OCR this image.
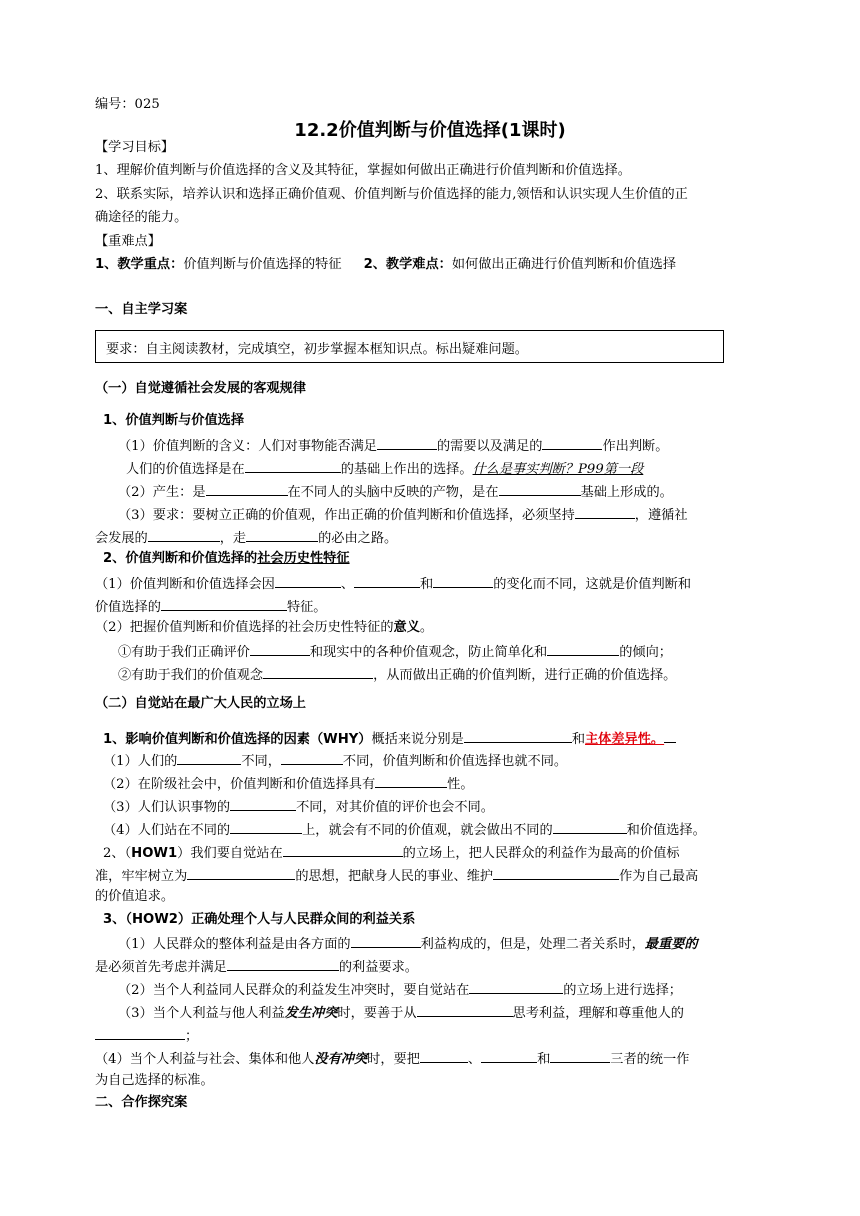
编号：025
12.2价值判断与价值选择(1课时)
【学习目标】
1、理解价值判断与价值选择的含义及其特征，掌握如何做出正确进行价值判断和价值选择。
2、联系实际，培养认识和选择正确价值观、价值判断与价值选择的能力,领悟和认识实现人生价值的正
确途径的能力。
【重难点】
1、教学重点：价值判断与价值选择的特征 2、教学难点：如何做出正确进行价值判断和价值选择
一、自主学习案
要求：自主阅读教材，完成填空，初步掌握本框知识点。标出疑难问题。
（一）自觉遵循社会发展的客观规律
1、价值判断与价值选择
（1）价值判断的含义：人们对事物能否满足	的需要以及满足的	作出判断。
人们的价值选择是在	的基础上作出的选择。什么是事实判断？P99第一段
（2）产生：是	在不同人的头脑中反映的产物，是在	基础上形成的。
（3）要求：要树立正确的价值观，作出正确的价值判断和价值选择，必须坚持	，遵循社
会发展的	，走	的必由之路。
2、价值判断和价值选择的社会历史性特征
（1）价值判断和价值选择会因	、	和	的变化而不同，这就是价值判断和
价值选择的	特征。
（2）把握价值判断和价值选择的社会历史性特征的意义。
①有助于我们正确评价	和现实中的各种价值观念，防止简单化和	的倾向；
②有助于我们的价值观念	，从而做出正确的价值判断，进行正确的价值选择。
（二）自觉站在最广大人民的立场上
1、影响价值判断和价值选择的因素（WHY）概括来说分别是	和主体差异性。
（1）人们的	不同，	不同，价值判断和价值选择也就不同。
（2）在阶级社会中，价值判断和价值选择具有	性。
（3）人们认识事物的	不同，对其价值的评价也会不同。
（4）人们站在不同的	上，就会有不同的价值观，就会做出不同的	和价值选择。
2、（HOW1）我们要自觉站在	的立场上，把人民群众的利益作为最高的价值标
准，牢牢树立为	的思想，把献身人民的事业、维护	作为自己最高
的价值追求。
3、（HOW2）正确处理个人与人民群众间的利益关系
（1）人民群众的整体利益是由各方面的	利益构成的，但是，处理二者关系时，最重要的
是必须首先考虑并满足	的利益要求。
（2）当个人利益同人民群众的利益发生冲突时，要自觉站在	的立场上进行选择；
（3）当个人利益与他人利益发生冲突时，要善于从	思考利益，理解和尊重他人的
；
（4）当个人利益与社会、集体和他人没有冲突时，要把	、	和	三者的统一作
为自己选择的标准。
二、合作探究案
